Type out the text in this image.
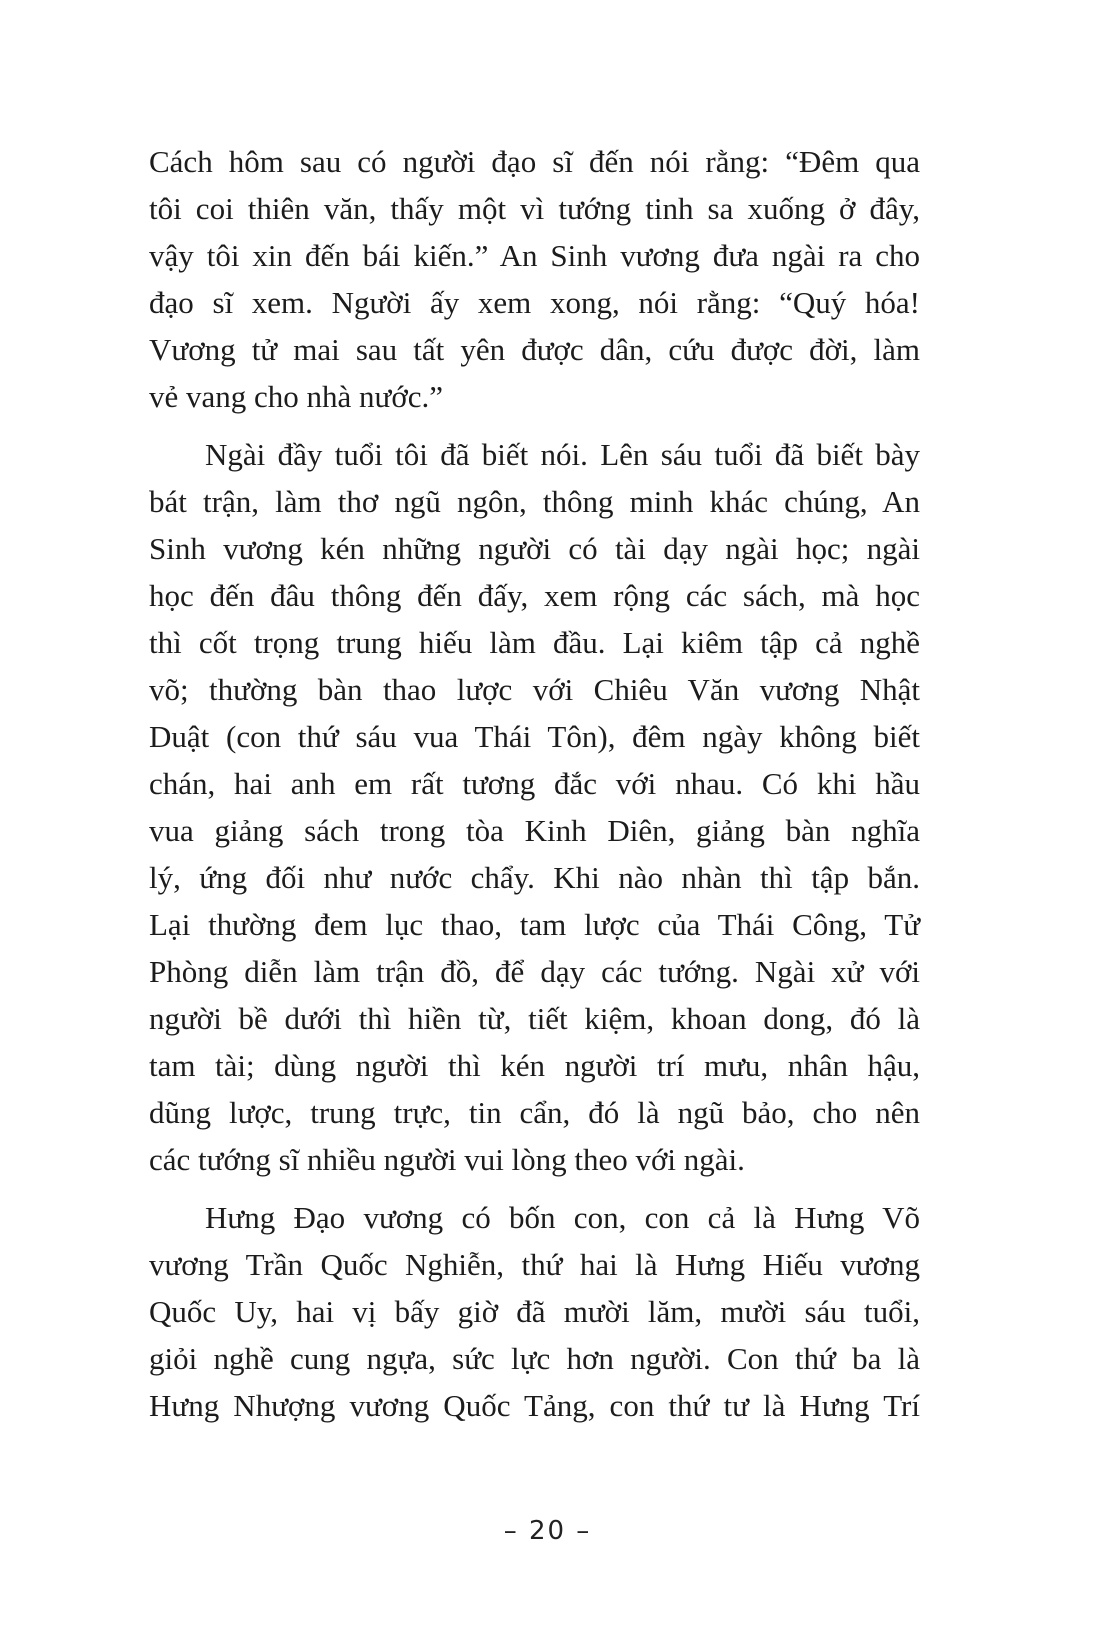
Cách hôm sau có người đạo sĩ đến nói rằng: “Đêm qua
tôi coi thiên văn, thấy một vì tướng tinh sa xuống ở đây,
vậy tôi xin đến bái kiến.” An Sinh vương đưa ngài ra cho
đạo sĩ xem. Người ấy xem xong, nói rằng: “Quý hóa!
Vương tử mai sau tất yên được dân, cứu được đời, làm
vẻ vang cho nhà nước.”
Ngài đầy tuổi tôi đã biết nói. Lên sáu tuổi đã biết bày
bát trận, làm thơ ngũ ngôn, thông minh khác chúng, An
Sinh vương kén những người có tài dạy ngài học; ngài
học đến đâu thông đến đấy, xem rộng các sách, mà học
thì cốt trọng trung hiếu làm đầu. Lại kiêm tập cả nghề
võ; thường bàn thao lược với Chiêu Văn vương Nhật
Duật (con thứ sáu vua Thái Tôn), đêm ngày không biết
chán, hai anh em rất tương đắc với nhau. Có khi hầu
vua giảng sách trong tòa Kinh Diên, giảng bàn nghĩa
lý, ứng đối như nước chẩy. Khi nào nhàn thì tập bắn.
Lại thường đem lục thao, tam lược của Thái Công, Tử
Phòng diễn làm trận đồ, để dạy các tướng. Ngài xử với
người bề dưới thì hiền từ, tiết kiệm, khoan dong, đó là
tam tài; dùng người thì kén người trí mưu, nhân hậu,
dũng lược, trung trực, tin cẩn, đó là ngũ bảo, cho nên
các tướng sĩ nhiều người vui lòng theo với ngài.
Hưng Đạo vương có bốn con, con cả là Hưng Võ
vương Trần Quốc Nghiễn, thứ hai là Hưng Hiếu vương
Quốc Uy, hai vị bấy giờ đã mười lăm, mười sáu tuổi,
giỏi nghề cung ngựa, sức lực hơn người. Con thứ ba là
Hưng Nhượng vương Quốc Tảng, con thứ tư là Hưng Trí
– 20 –
